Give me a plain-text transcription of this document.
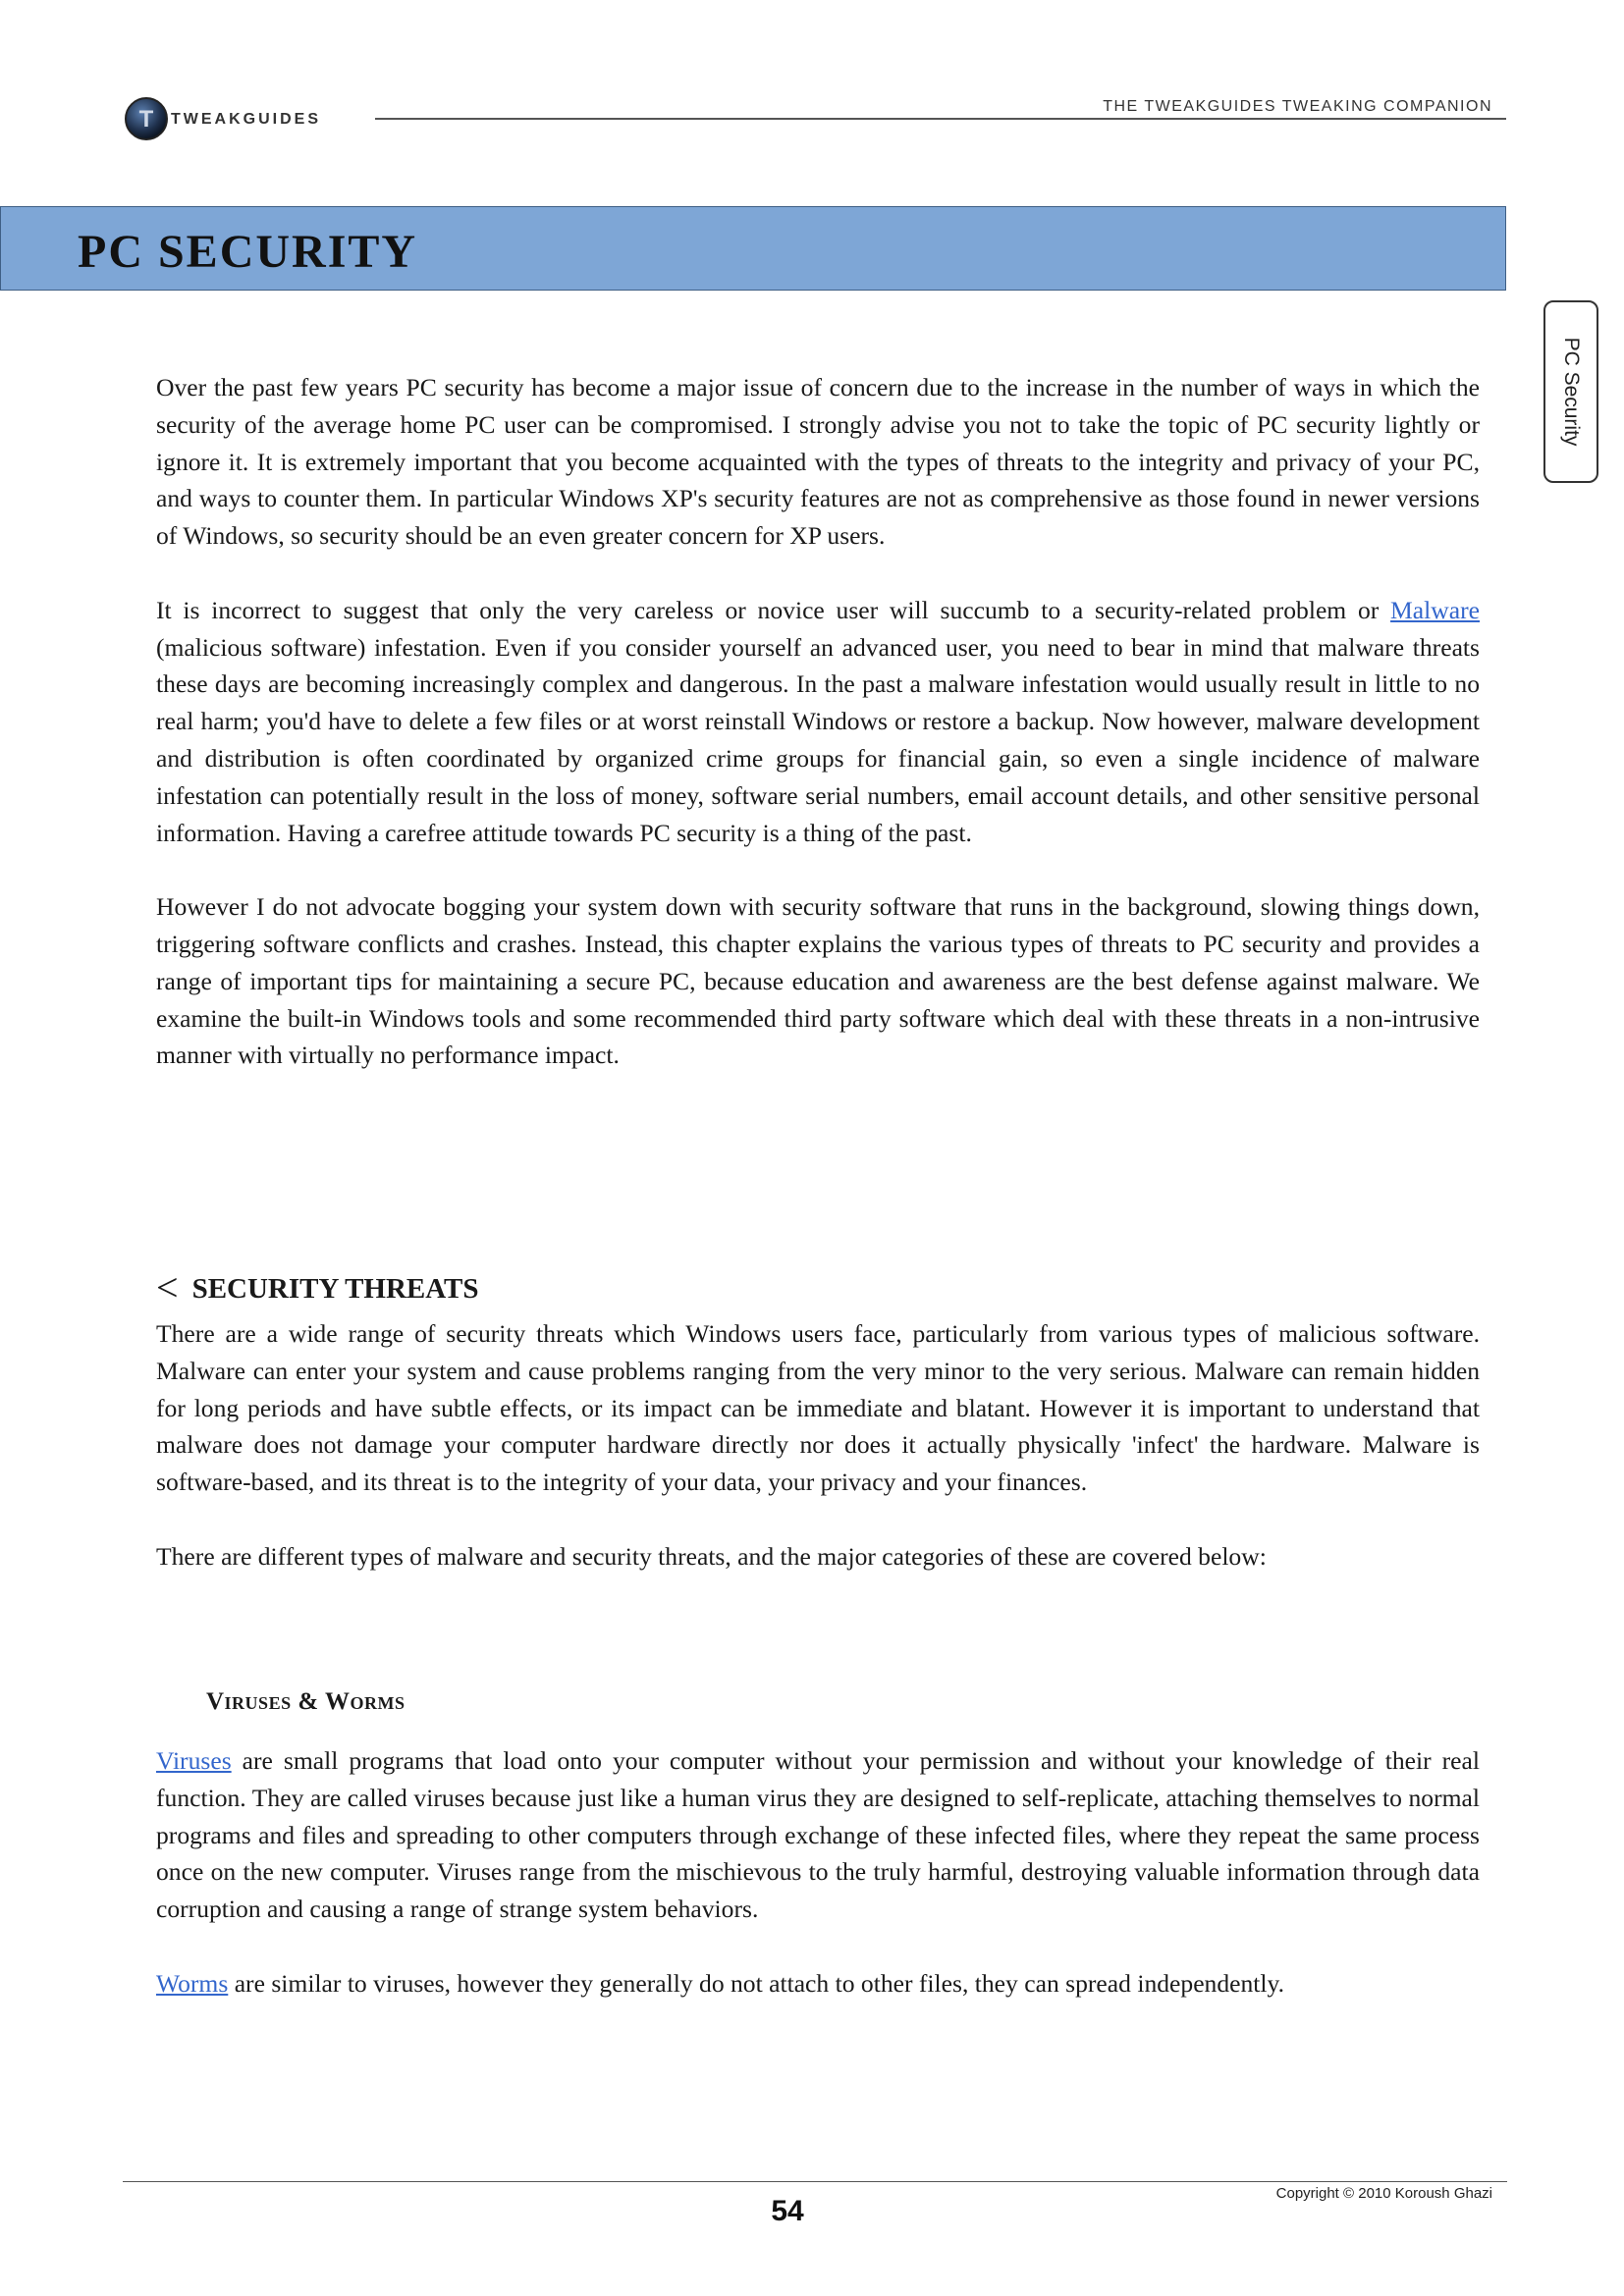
T TWEAKGUIDES
THE TWEAKGUIDES TWEAKING COMPANION
PC SECURITY
PC Security

Over the past few years PC security has become a major issue of concern due to the increase in the number of ways in which the security of the average home PC user can be compromised. I strongly advise you not to take the topic of PC security lightly or ignore it. It is extremely important that you become acquainted with the types of threats to the integrity and privacy of your PC, and ways to counter them. In particular Windows XP's security features are not as comprehensive as those found in newer versions of Windows, so security should be an even greater concern for XP users.

It is incorrect to suggest that only the very careless or novice user will succumb to a security-related problem or Malware (malicious software) infestation. Even if you consider yourself an advanced user, you need to bear in mind that malware threats these days are becoming increasingly complex and dangerous. In the past a malware infestation would usually result in little to no real harm; you'd have to delete a few files or at worst reinstall Windows or restore a backup. Now however, malware development and distribution is often coordinated by organized crime groups for financial gain, so even a single incidence of malware infestation can potentially result in the loss of money, software serial numbers, email account details, and other sensitive personal information. Having a carefree attitude towards PC security is a thing of the past.

However I do not advocate bogging your system down with security software that runs in the background, slowing things down, triggering software conflicts and crashes. Instead, this chapter explains the various types of threats to PC security and provides a range of important tips for maintaining a secure PC, because education and awareness are the best defense against malware. We examine the built-in Windows tools and some recommended third party software which deal with these threats in a non-intrusive manner with virtually no performance impact.

< SECURITY THREATS

There are a wide range of security threats which Windows users face, particularly from various types of malicious software. Malware can enter your system and cause problems ranging from the very minor to the very serious. Malware can remain hidden for long periods and have subtle effects, or its impact can be immediate and blatant. However it is important to understand that malware does not damage your computer hardware directly nor does it actually physically 'infect' the hardware. Malware is software-based, and its threat is to the integrity of your data, your privacy and your finances.

There are different types of malware and security threats, and the major categories of these are covered below:

Viruses & Worms

Viruses are small programs that load onto your computer without your permission and without your knowledge of their real function. They are called viruses because just like a human virus they are designed to self-replicate, attaching themselves to normal programs and files and spreading to other computers through exchange of these infected files, where they repeat the same process once on the new computer. Viruses range from the mischievous to the truly harmful, destroying valuable information through data corruption and causing a range of strange system behaviors.

Worms are similar to viruses, however they generally do not attach to other files, they can spread independently.

54
Copyright © 2010 Koroush Ghazi
